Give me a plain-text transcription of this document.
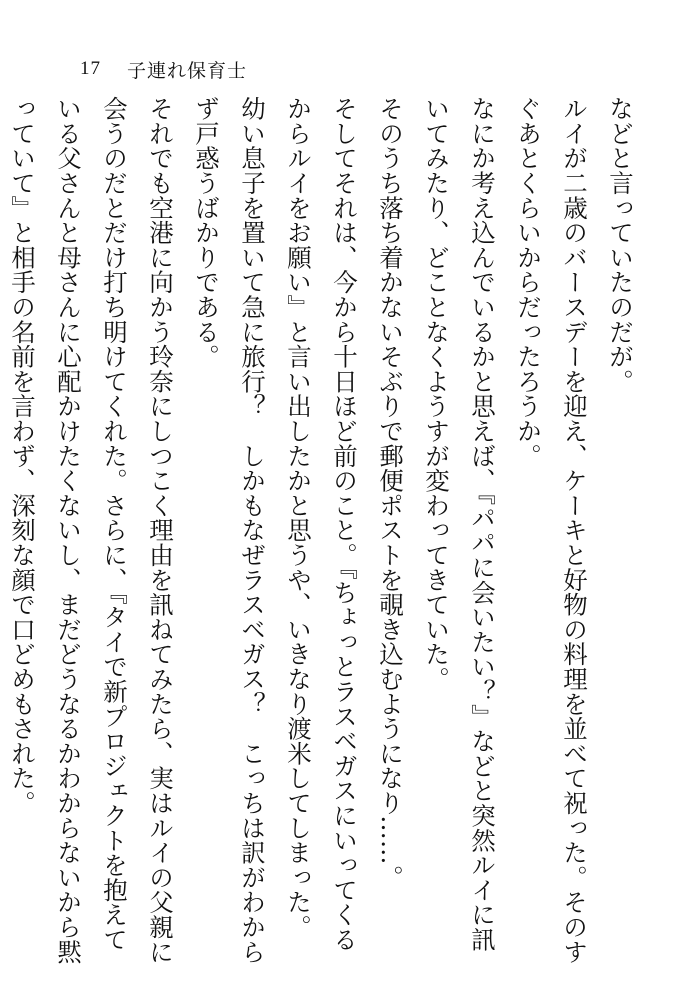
17 子連れ保育士

などと言っていたのだが。

ルイが二歳のバースデーを迎え、ケーキと好物の料理を並べて祝った。そのすぐあとくらいからだったろうか。

なにか考え込んでいるかと思えば、『パパに会いたい？』などと突然ルイに訊いてみたり、どことなくようすが変わってきていた。

そのうち落ち着かないそぶりで郵便ポストを覗き込むようになり……。

そしてそれは、今から十日ほど前のこと。『ちょっとラスベガスにいってくるからルイをお願い』と言い出したかと思うや、いきなり渡米してしまった。

幼い息子を置いて急に旅行？　しかもなぜラスベガス？　こっちは訳がわからず戸惑うばかりである。

それでも空港に向かう玲奈にしつこく理由を訊ねてみたら、実はルイの父親に会うのだとだけ打ち明けてくれた。さらに、『タイで新プロジェクトを抱えている父さんと母さんに心配かけたくないし、まだどうなるかわからないから黙っていて』と相手の名前を言わず、深刻な顔で口どめもされた。
